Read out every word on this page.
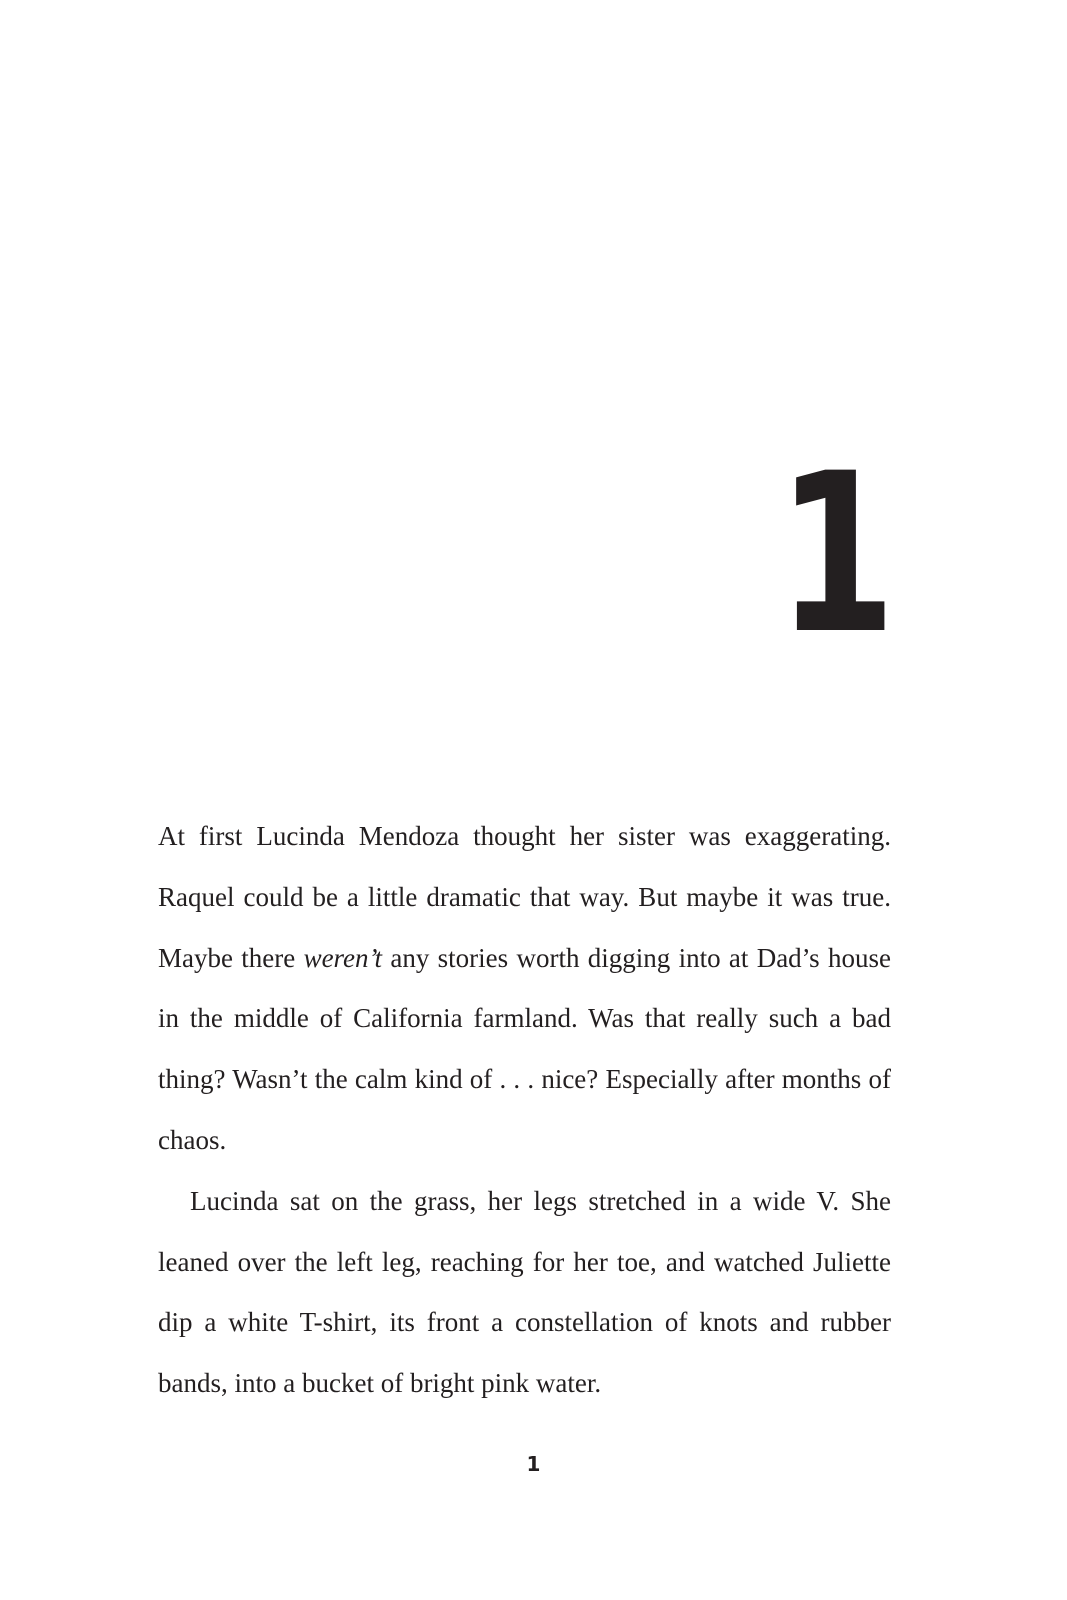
1

At first Lucinda Mendoza thought her sister was exaggerating. Raquel could be a little dramatic that way. But maybe it was true. Maybe there weren’t any stories worth digging into at Dad’s house in the middle of California farmland. Was that really such a bad thing? Wasn’t the calm kind of . . . nice? Especially after months of chaos.

Lucinda sat on the grass, her legs stretched in a wide V. She leaned over the left leg, reaching for her toe, and watched Juliette dip a white T-shirt, its front a constellation of knots and rubber bands, into a bucket of bright pink water.

1
